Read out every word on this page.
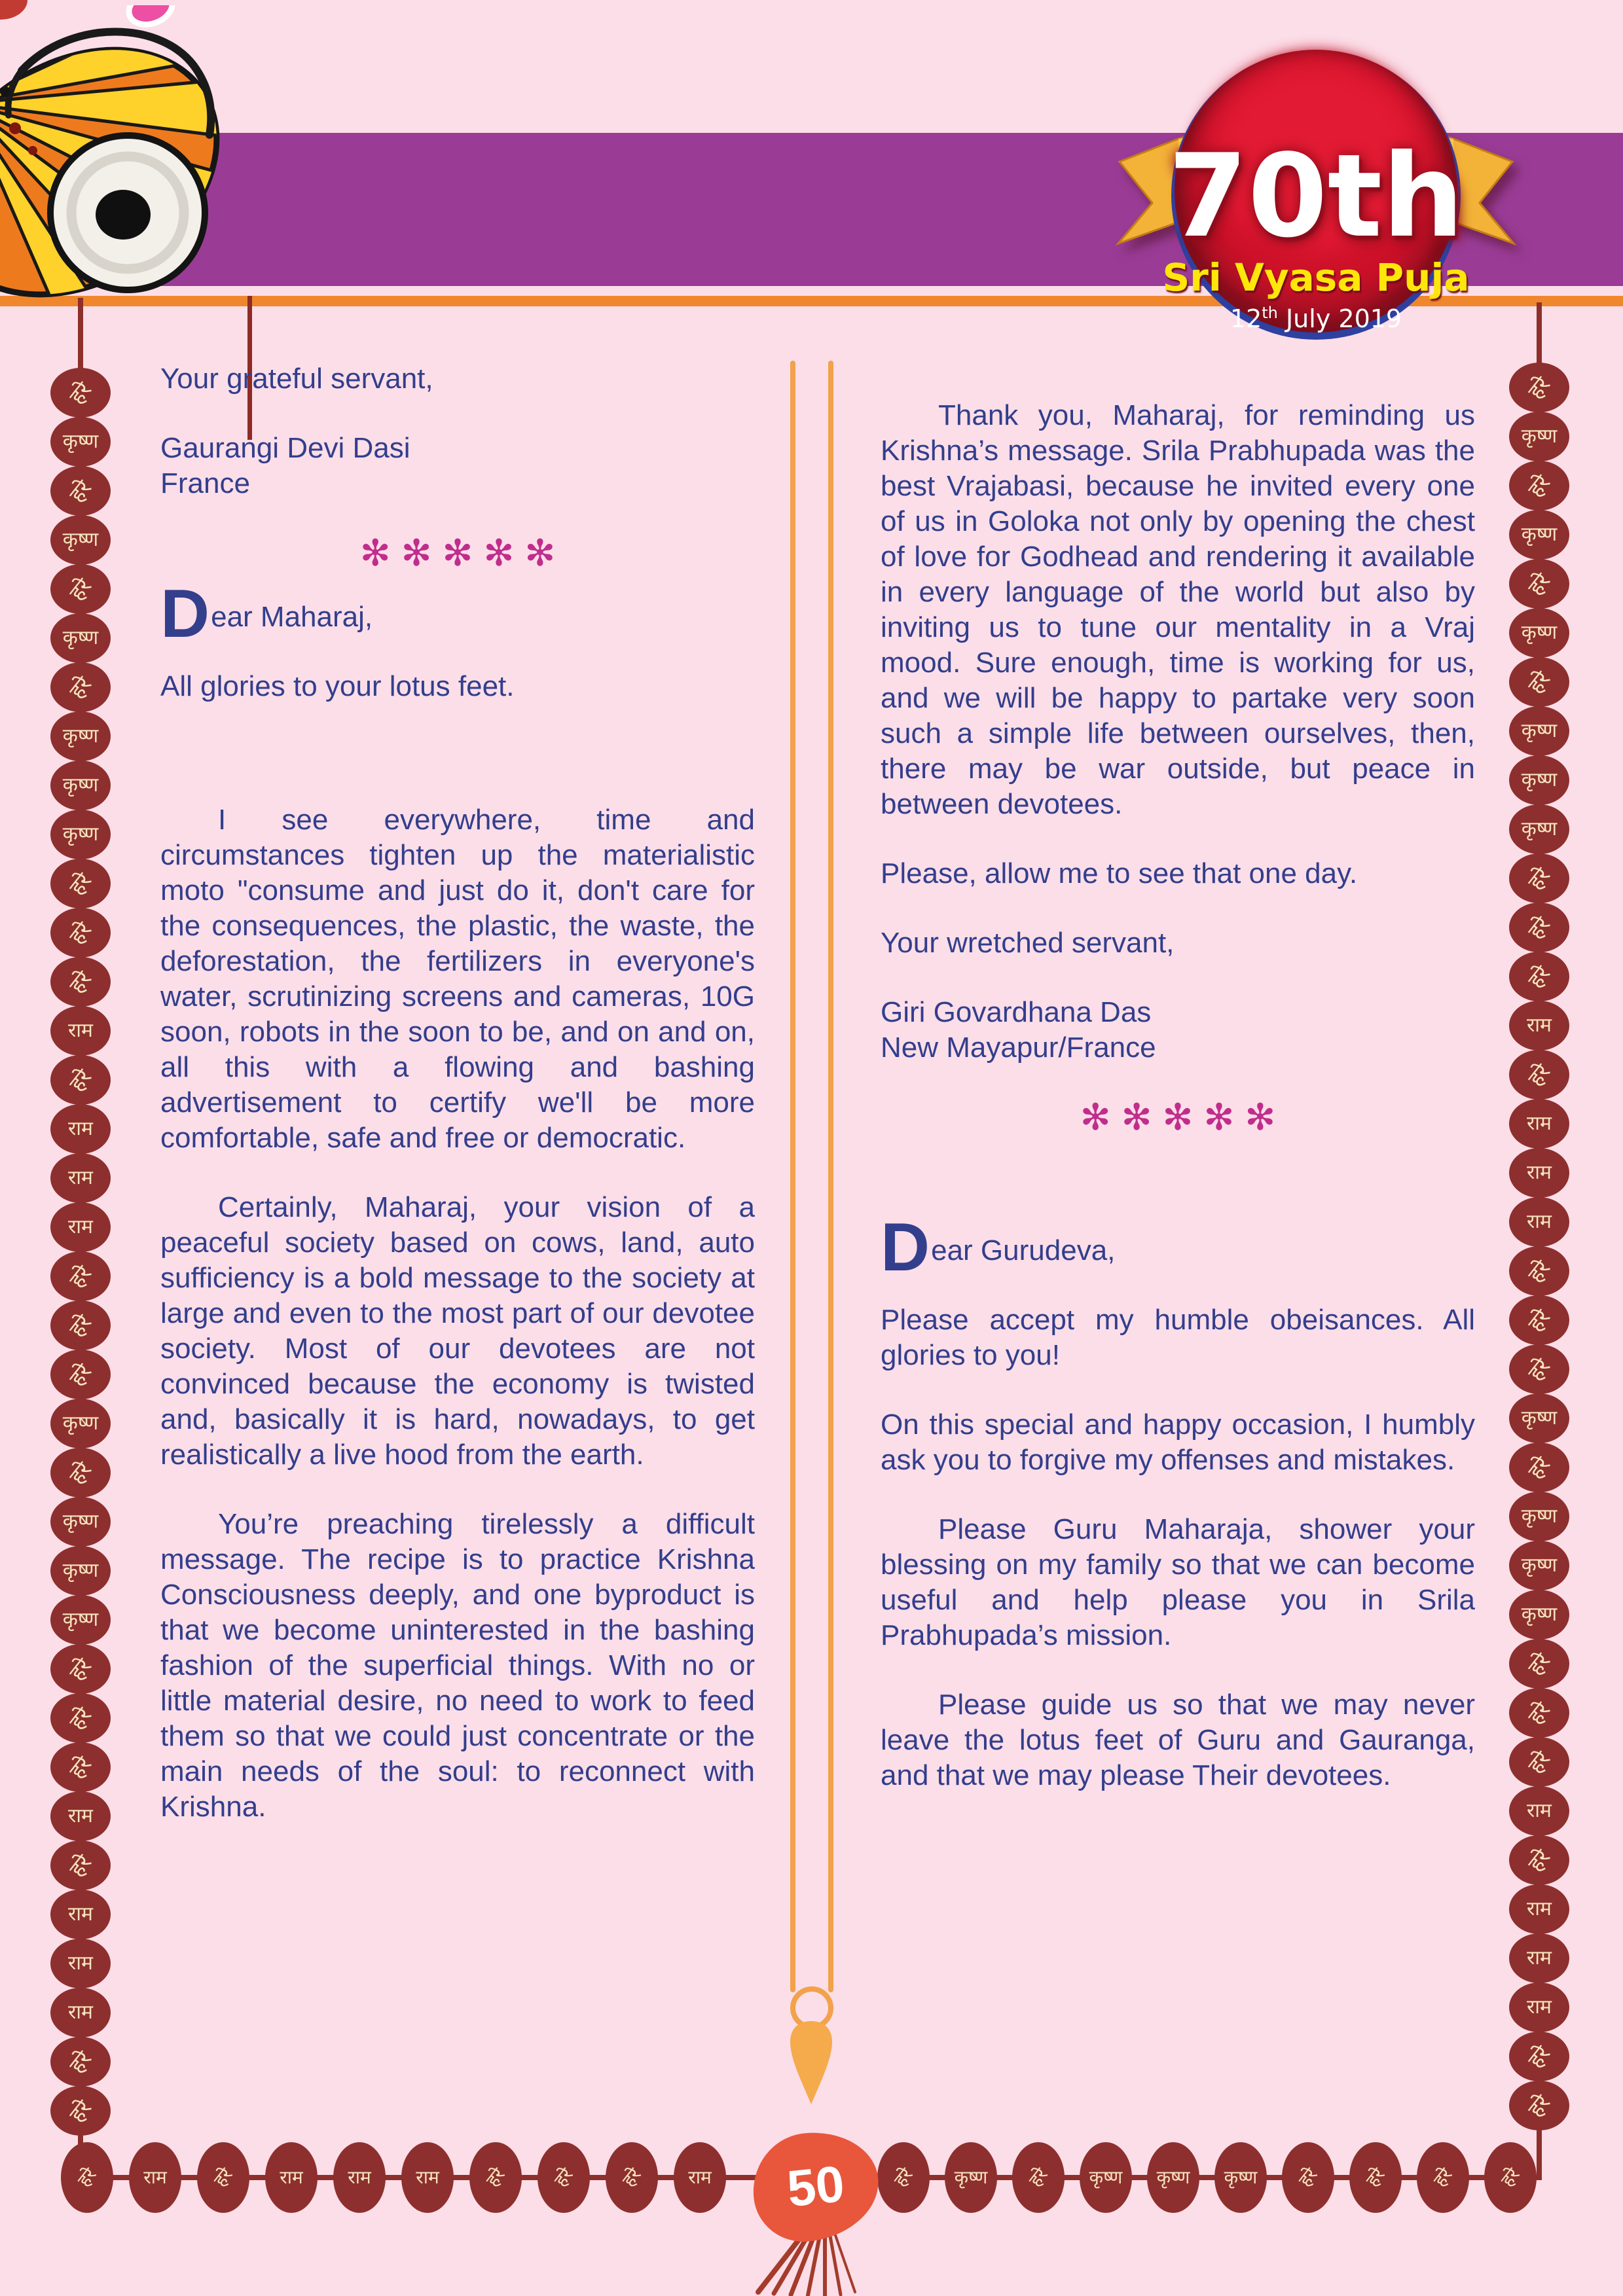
70th
Sri Vyasa Puja
12th July 2019
हरे
कृष्ण
हरे
कृष्ण
हरे
कृष्ण
हरे
कृष्ण
कृष्ण
कृष्ण
हरे
हरे
हरे
राम
हरे
राम
राम
राम
हरे
हरे
हरे
कृष्ण
हरे
कृष्ण
कृष्ण
कृष्ण
हरे
हरे
हरे
राम
हरे
राम
राम
राम
हरे
हरे
हरे
कृष्ण
हरे
कृष्ण
हरे
कृष्ण
हरे
कृष्ण
कृष्ण
कृष्ण
हरे
हरे
हरे
राम
हरे
राम
राम
राम
हरे
हरे
हरे
कृष्ण
हरे
कृष्ण
कृष्ण
कृष्ण
हरे
हरे
हरे
राम
हरे
राम
राम
राम
हरे
हरे
हरे राम हरे राम राम राम हरे हरे हरे राम	हरे कृष्ण हरे कृष्ण कृष्ण कृष्ण हरे हरे हरे हरे

Your grateful servant,

Gaurangi Devi Dasi

France

✻✻✻✻✻

Dear Maharaj,

All glories to your lotus feet.

I see everywhere, time and circumstances tighten up the materialistic moto "consume and just do it, don't care for the consequences, the plastic, the waste, the deforestation, the fertilizers in everyone's water, scrutinizing screens and cameras, 10G soon, robots in the soon to be, and on and on, all this with a flowing and bashing advertisement to certify we'll be more comfortable, safe and free or democratic.

Certainly, Maharaj, your vision of a peaceful society based on cows, land, auto sufficiency is a bold message to the society at large and even to the most part of our devotee society. Most of our devotees are not convinced because the economy is twisted and, basically it is hard, nowadays, to get realistically a live hood from the earth.

You’re preaching tirelessly a difficult message. The recipe is to practice Krishna Consciousness deeply, and one byproduct is that we become uninterested in the bashing fashion of the superficial things. With no or little material desire, no need to work to feed them so that we could just concentrate or the main needs of the soul: to reconnect with Krishna.

Thank you, Maharaj, for reminding us Krishna’s message. Srila Prabhupada was the best Vrajabasi, because he invited every one of us in Goloka not only by opening the chest of love for Godhead and rendering it available in every language of the world but also by inviting us to tune our mentality in a Vraj mood. Sure enough, time is working for us, and we will be happy to partake very soon such a simple life between ourselves, then, there may be war outside, but peace in between devotees.

Please, allow me to see that one day.

Your wretched servant,

Giri Govardhana Das

New Mayapur/France

✻✻✻✻✻

Dear Gurudeva,

Please accept my humble obeisances. All glories to you!

On this special and happy occasion, I humbly ask you to forgive my offenses and mistakes.

Please Guru Maharaja, shower your blessing on my family so that we can become useful and help please you in Srila Prabhupada’s mission.

Please guide us so that we may never leave the lotus feet of Guru and Gauranga, and that we may please Their devotees.

50
